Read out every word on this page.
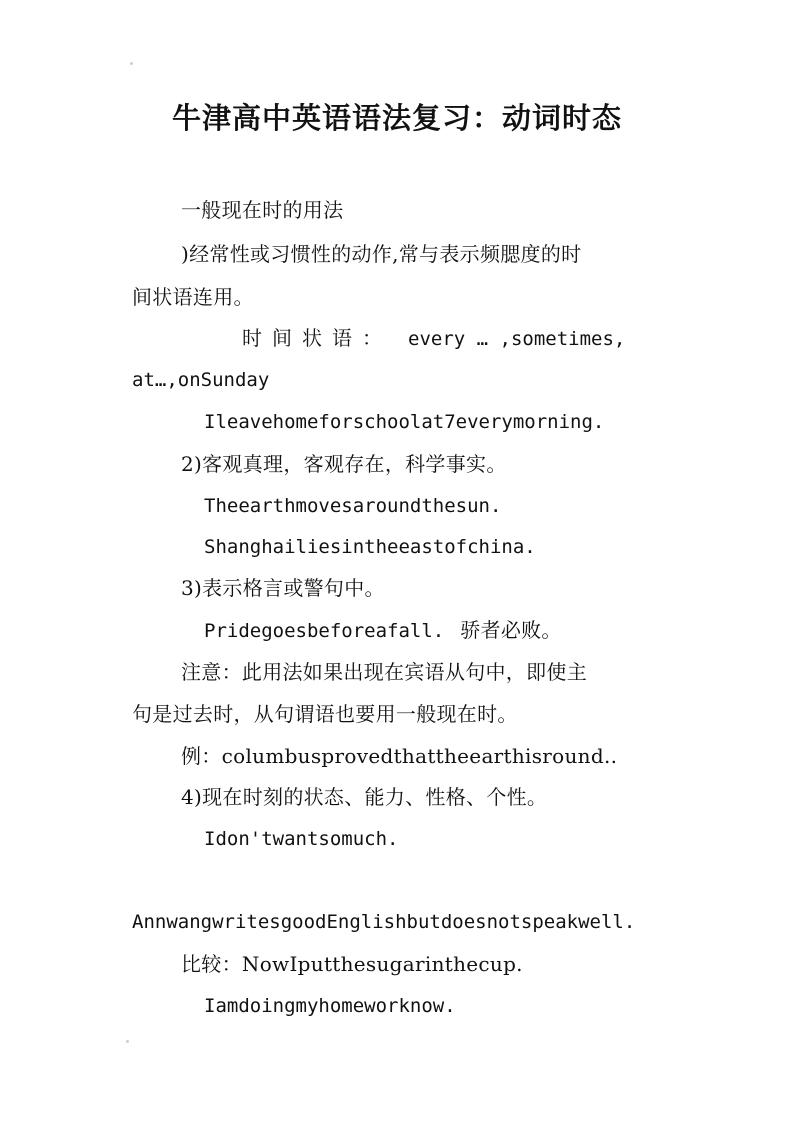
牛津高中英语语法复习：动词时态
一般现在时的用法
)经常性或习惯性的动作,常与表示频腮度的时
间状语连用。
时间状语： every … ,sometimes,
at…,onSunday
Ileavehomeforschoolat7everymorning.
2)客观真理，客观存在，科学事实。
Theearthmovesaroundthesun.
Shanghailiesintheeastofchina.
3)表示格言或警句中。
Pridegoesbeforeafall. 骄者必败。
注意：此用法如果出现在宾语从句中，即使主
句是过去时，从句谓语也要用一般现在时。
例：columbusprovedthattheearthisround..
4)现在时刻的状态、能力、性格、个性。
Idon'twantsomuch.
AnnwangwritesgoodEnglishbutdoesnotspeakwell.
比较：NowIputthesugarinthecup.
Iamdoingmyhomeworknow.
